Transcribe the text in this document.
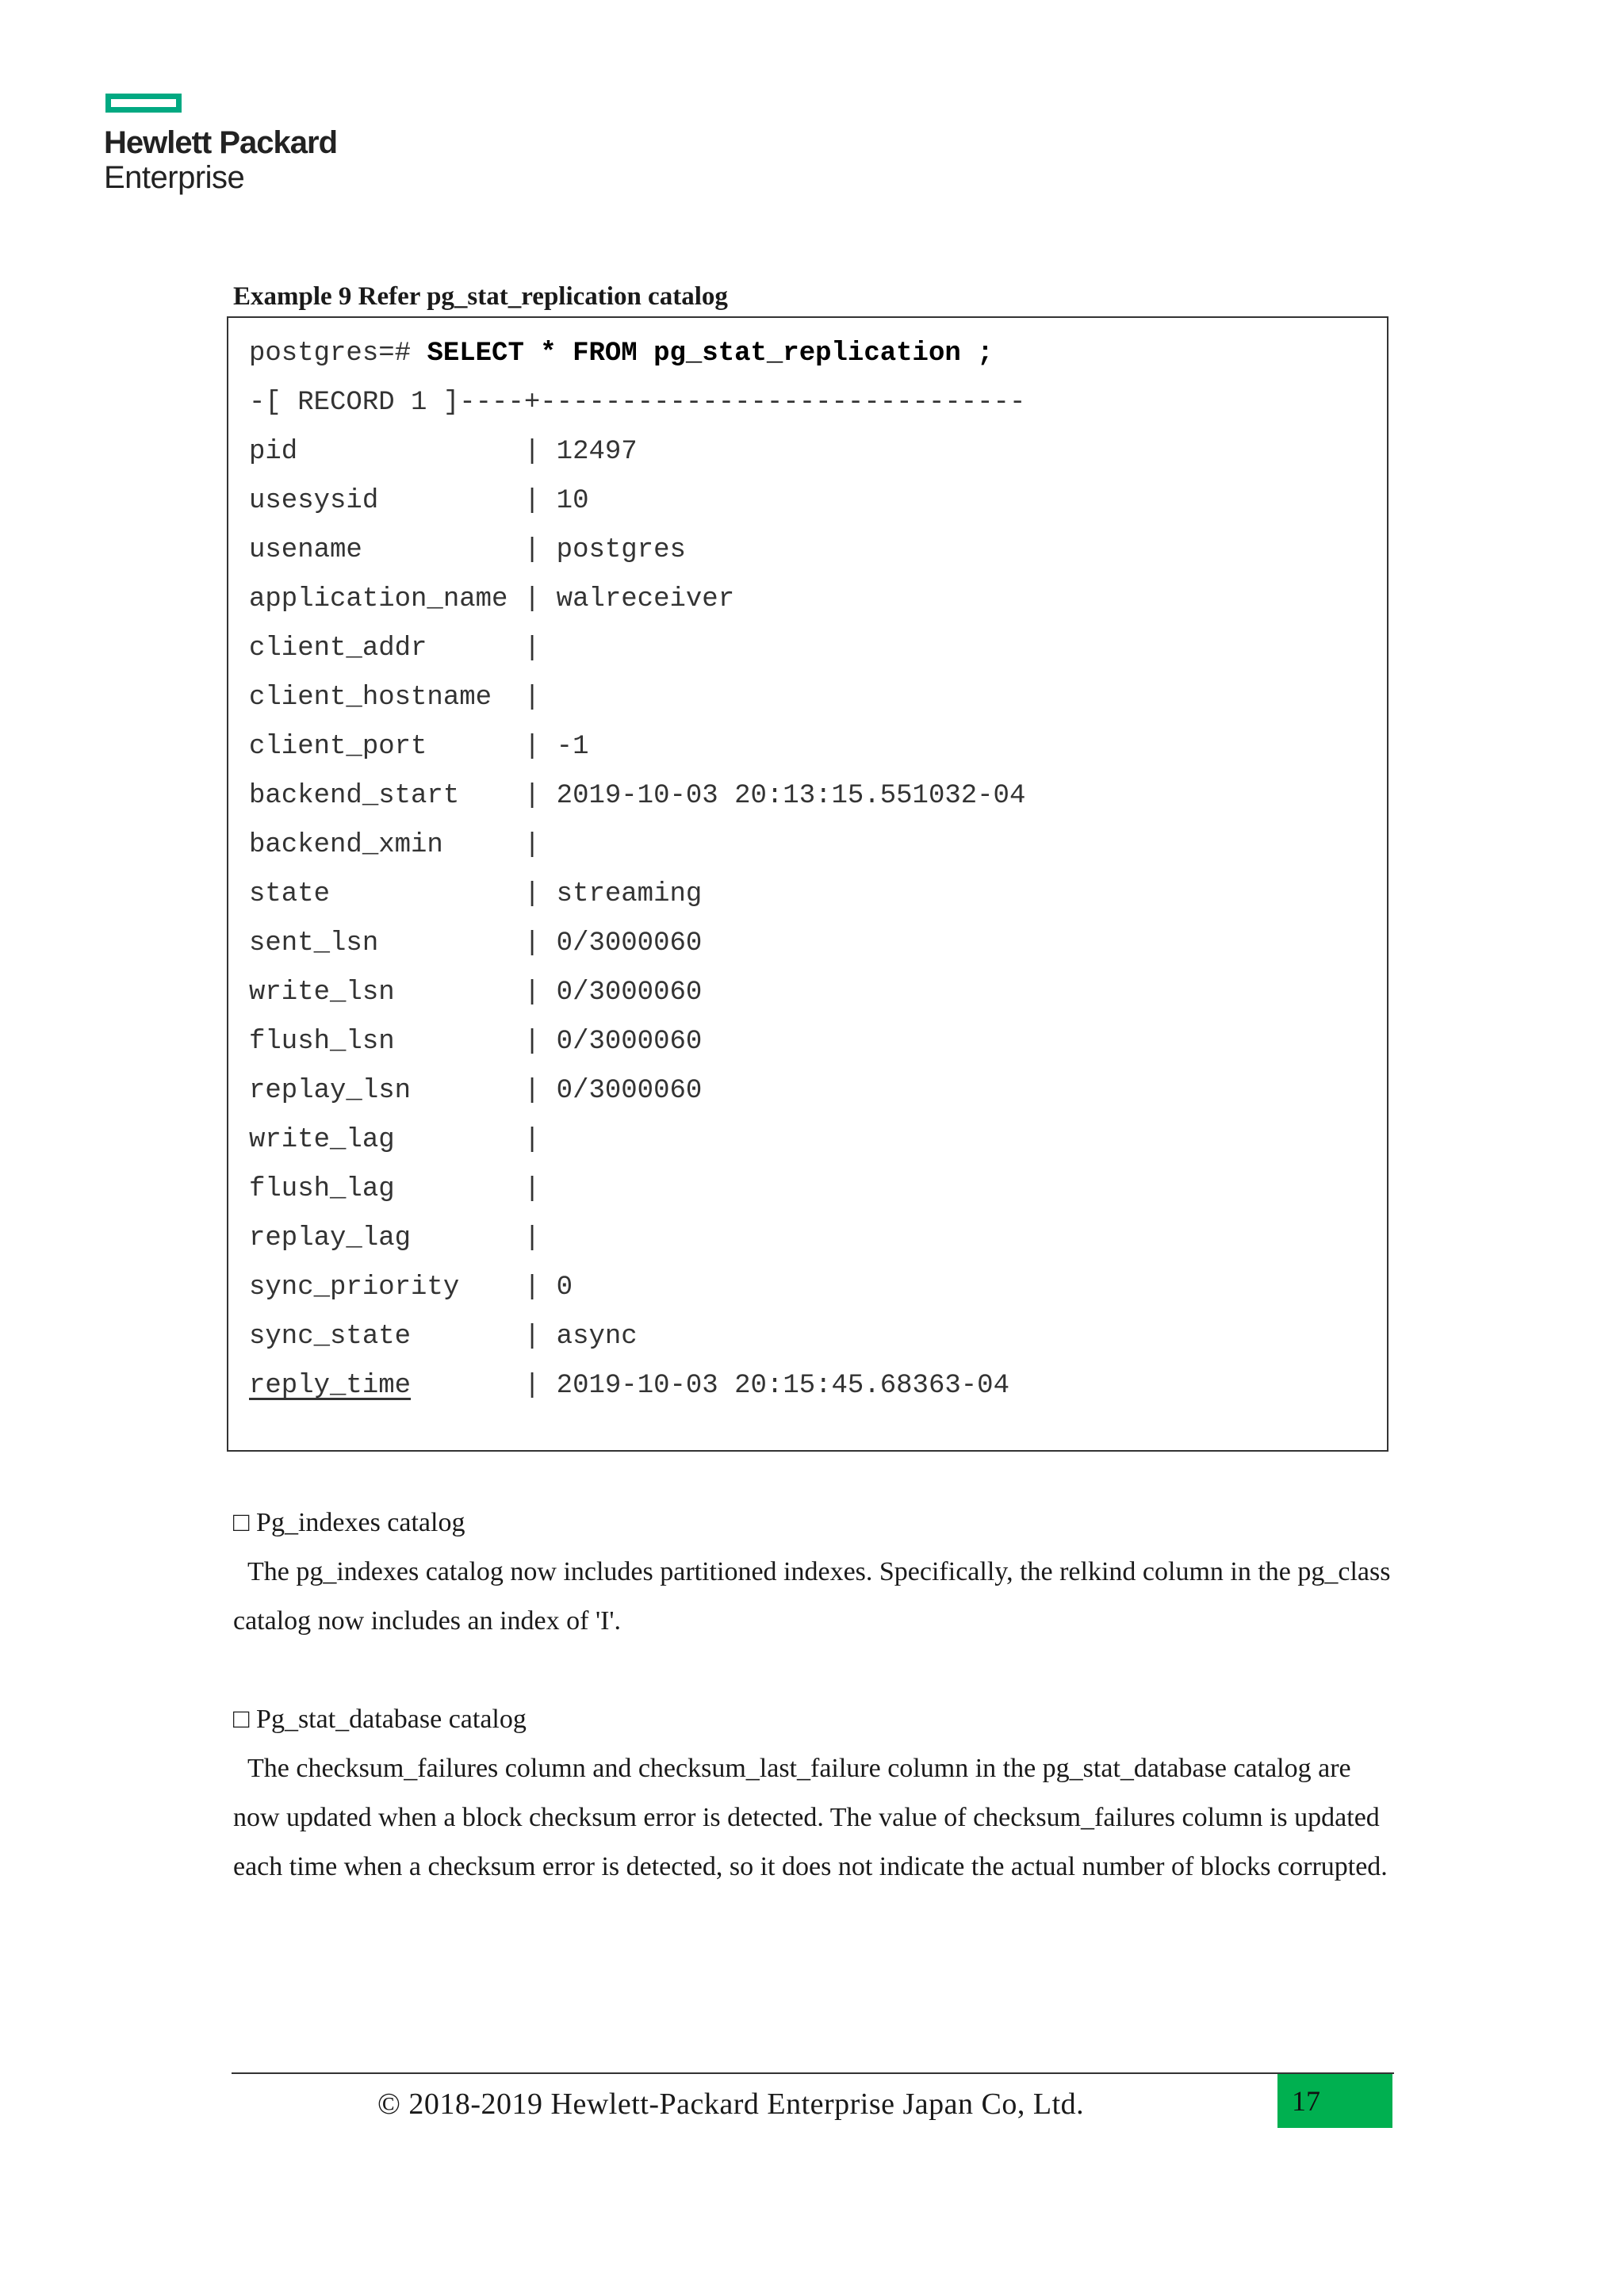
Hewlett Packard
Enterprise
Example 9 Refer pg_stat_replication catalog
postgres=# SELECT * FROM pg_stat_replication ;
-[ RECORD 1 ]----+------------------------------
pid              | 12497
usesysid         | 10
usename          | postgres
application_name | walreceiver
client_addr      |
client_hostname  |
client_port      | -1
backend_start    | 2019-10-03 20:13:15.551032-04
backend_xmin     |
state            | streaming
sent_lsn         | 0/3000060
write_lsn        | 0/3000060
flush_lsn        | 0/3000060
replay_lsn       | 0/3000060
write_lag        |
flush_lag        |
replay_lag       |
sync_priority    | 0
sync_state       | async
reply_time       | 2019-10-03 20:15:45.68363-04

□ Pg_indexes catalog

The pg_indexes catalog now includes partitioned indexes. Specifically, the relkind column in the pg_class catalog now includes an index of 'I'.

□ Pg_stat_database catalog

The checksum_failures column and checksum_last_failure column in the pg_stat_database catalog are now updated when a block checksum error is detected. The value of checksum_failures column is updated each time when a checksum error is detected, so it does not indicate the actual number of blocks corrupted.

© 2018-2019 Hewlett-Packard Enterprise Japan Co, Ltd.	17
